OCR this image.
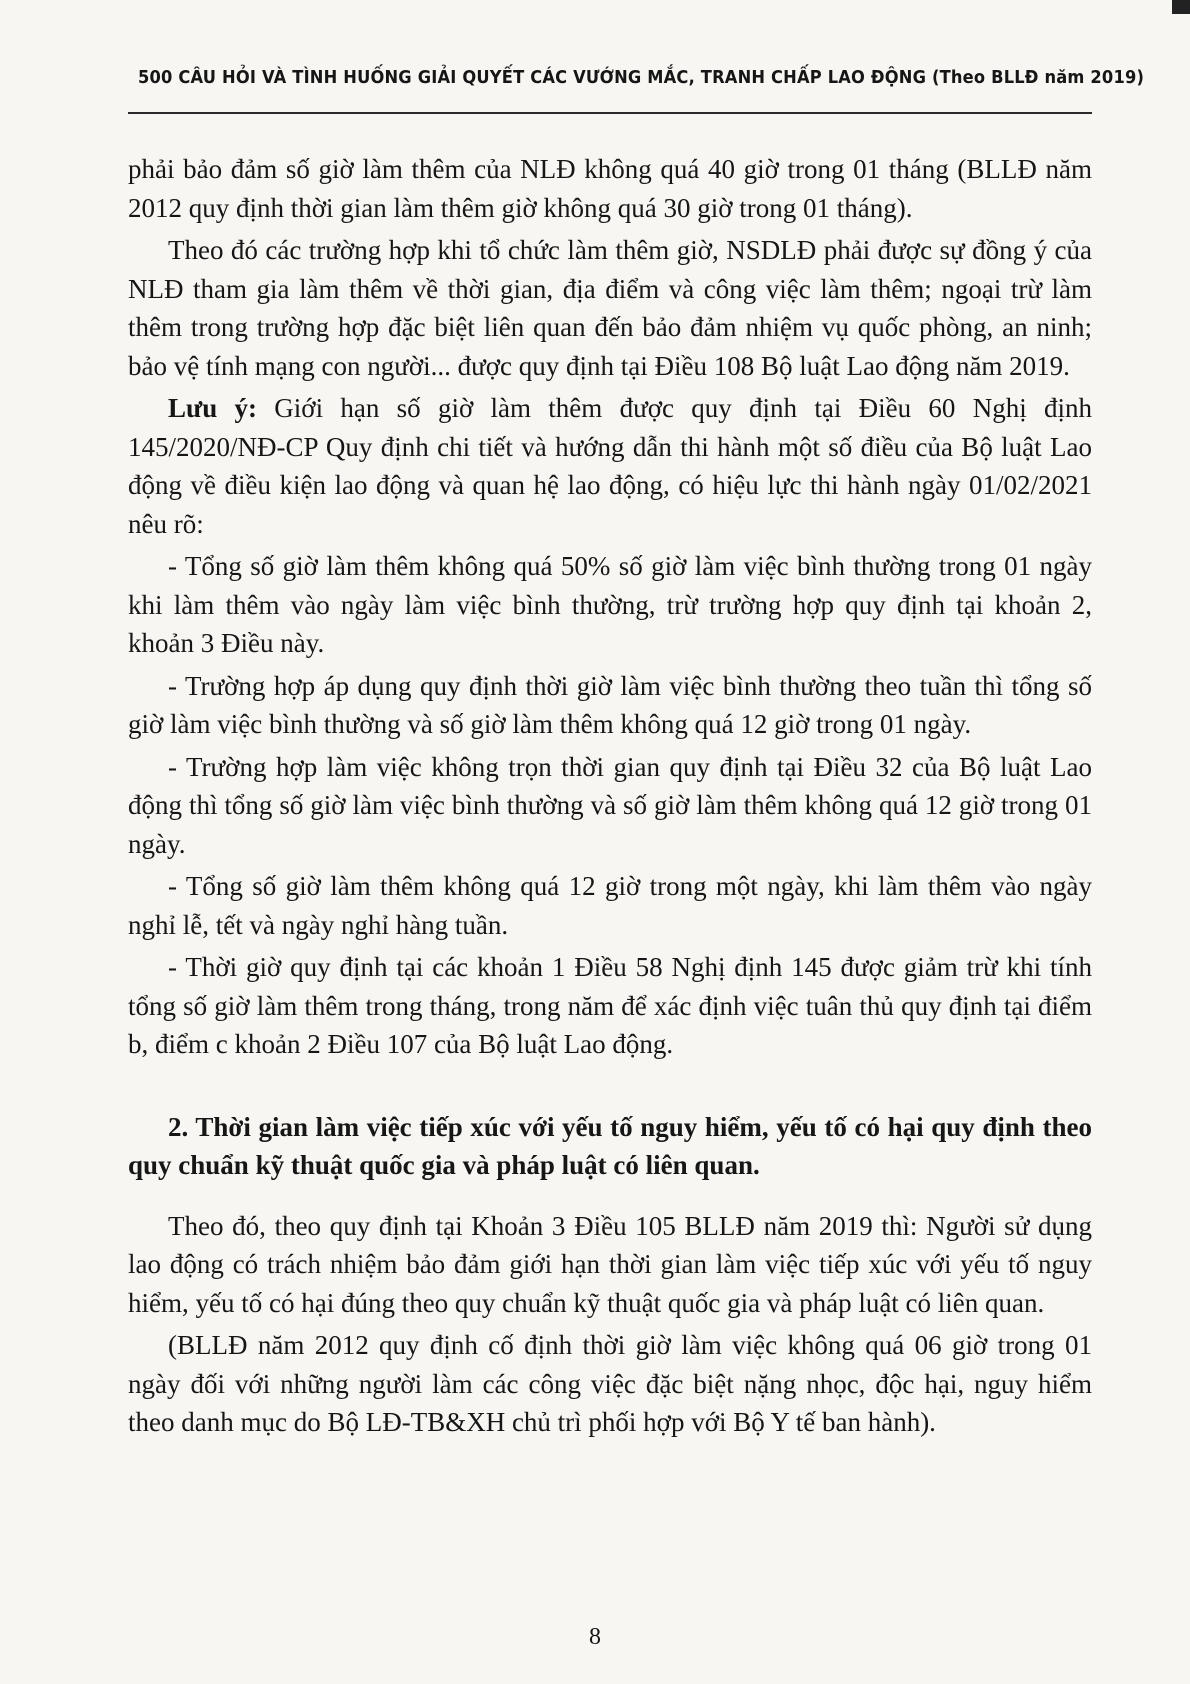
500 CÂU HỎI VÀ TÌNH HUỐNG GIẢI QUYẾT CÁC VƯỚNG MẮC, TRANH CHẤP LAO ĐỘNG (Theo BLLĐ năm 2019)

phải bảo đảm số giờ làm thêm của NLĐ không quá 40 giờ trong 01 tháng (BLLĐ năm 2012 quy định thời gian làm thêm giờ không quá 30 giờ trong 01 tháng).

Theo đó các trường hợp khi tổ chức làm thêm giờ, NSDLĐ phải được sự đồng ý của NLĐ tham gia làm thêm về thời gian, địa điểm và công việc làm thêm; ngoại trừ làm thêm trong trường hợp đặc biệt liên quan đến bảo đảm nhiệm vụ quốc phòng, an ninh; bảo vệ tính mạng con người... được quy định tại Điều 108 Bộ luật Lao động năm 2019.

Lưu ý: Giới hạn số giờ làm thêm được quy định tại Điều 60 Nghị định 145/2020/NĐ-CP Quy định chi tiết và hướng dẫn thi hành một số điều của Bộ luật Lao động về điều kiện lao động và quan hệ lao động, có hiệu lực thi hành ngày 01/02/2021 nêu rõ:

- Tổng số giờ làm thêm không quá 50% số giờ làm việc bình thường trong 01 ngày khi làm thêm vào ngày làm việc bình thường, trừ trường hợp quy định tại khoản 2, khoản 3 Điều này.

- Trường hợp áp dụng quy định thời giờ làm việc bình thường theo tuần thì tổng số giờ làm việc bình thường và số giờ làm thêm không quá 12 giờ trong 01 ngày.

- Trường hợp làm việc không trọn thời gian quy định tại Điều 32 của Bộ luật Lao động thì tổng số giờ làm việc bình thường và số giờ làm thêm không quá 12 giờ trong 01 ngày.

- Tổng số giờ làm thêm không quá 12 giờ trong một ngày, khi làm thêm vào ngày nghỉ lễ, tết và ngày nghỉ hàng tuần.

- Thời giờ quy định tại các khoản 1 Điều 58 Nghị định 145 được giảm trừ khi tính tổng số giờ làm thêm trong tháng, trong năm để xác định việc tuân thủ quy định tại điểm b, điểm c khoản 2 Điều 107 của Bộ luật Lao động.

2. Thời gian làm việc tiếp xúc với yếu tố nguy hiểm, yếu tố có hại quy định theo quy chuẩn kỹ thuật quốc gia và pháp luật có liên quan.

Theo đó, theo quy định tại Khoản 3 Điều 105 BLLĐ năm 2019 thì: Người sử dụng lao động có trách nhiệm bảo đảm giới hạn thời gian làm việc tiếp xúc với yếu tố nguy hiểm, yếu tố có hại đúng theo quy chuẩn kỹ thuật quốc gia và pháp luật có liên quan.

(BLLĐ năm 2012 quy định cố định thời giờ làm việc không quá 06 giờ trong 01 ngày đối với những người làm các công việc đặc biệt nặng nhọc, độc hại, nguy hiểm theo danh mục do Bộ LĐ-TB&XH chủ trì phối hợp với Bộ Y tế ban hành).

8
